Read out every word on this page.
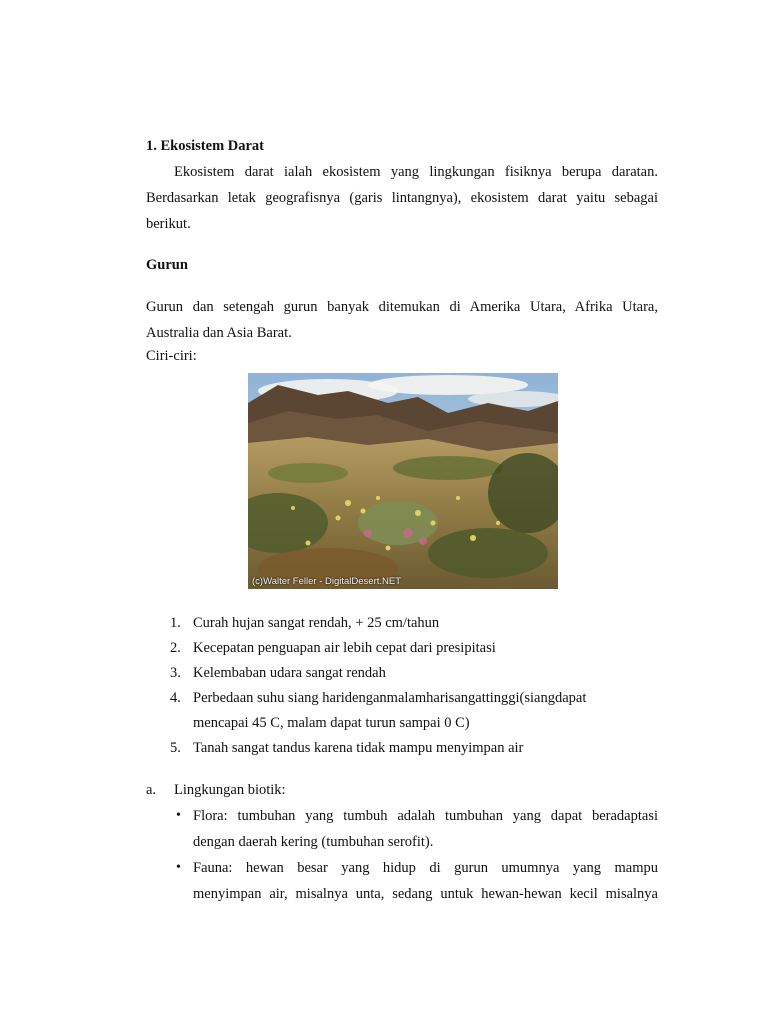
1. Ekosistem Darat
Ekosistem darat ialah ekosistem yang lingkungan fisiknya berupa daratan.
Berdasarkan letak geografisnya (garis lintangnya), ekosistem darat yaitu sebagai
berikut.
Gurun
Gurun dan setengah gurun banyak ditemukan di Amerika Utara, Afrika Utara,
Australia dan Asia Barat.
Ciri-ciri:
(c)Walter Feller - DigitalDesert.NET
1. Curah hujan sangat rendah, + 25 cm/tahun
2. Kecepatan penguapan air lebih cepat dari presipitasi
3. Kelembaban udara sangat rendah
4. Perbedaan suhu siang haridenganmalamharisangattinggi(siangdapat
mencapai 45 C, malam dapat turun sampai 0 C)
5. Tanah sangat tandus karena tidak mampu menyimpan air
a. Lingkungan biotik:
• Flora: tumbuhan yang tumbuh adalah tumbuhan yang dapat beradaptasi
dengan daerah kering (tumbuhan serofit).
• Fauna: hewan besar yang hidup di gurun umumnya yang mampu
menyimpan air, misalnya unta, sedang untuk hewan-hewan kecil misalnya
